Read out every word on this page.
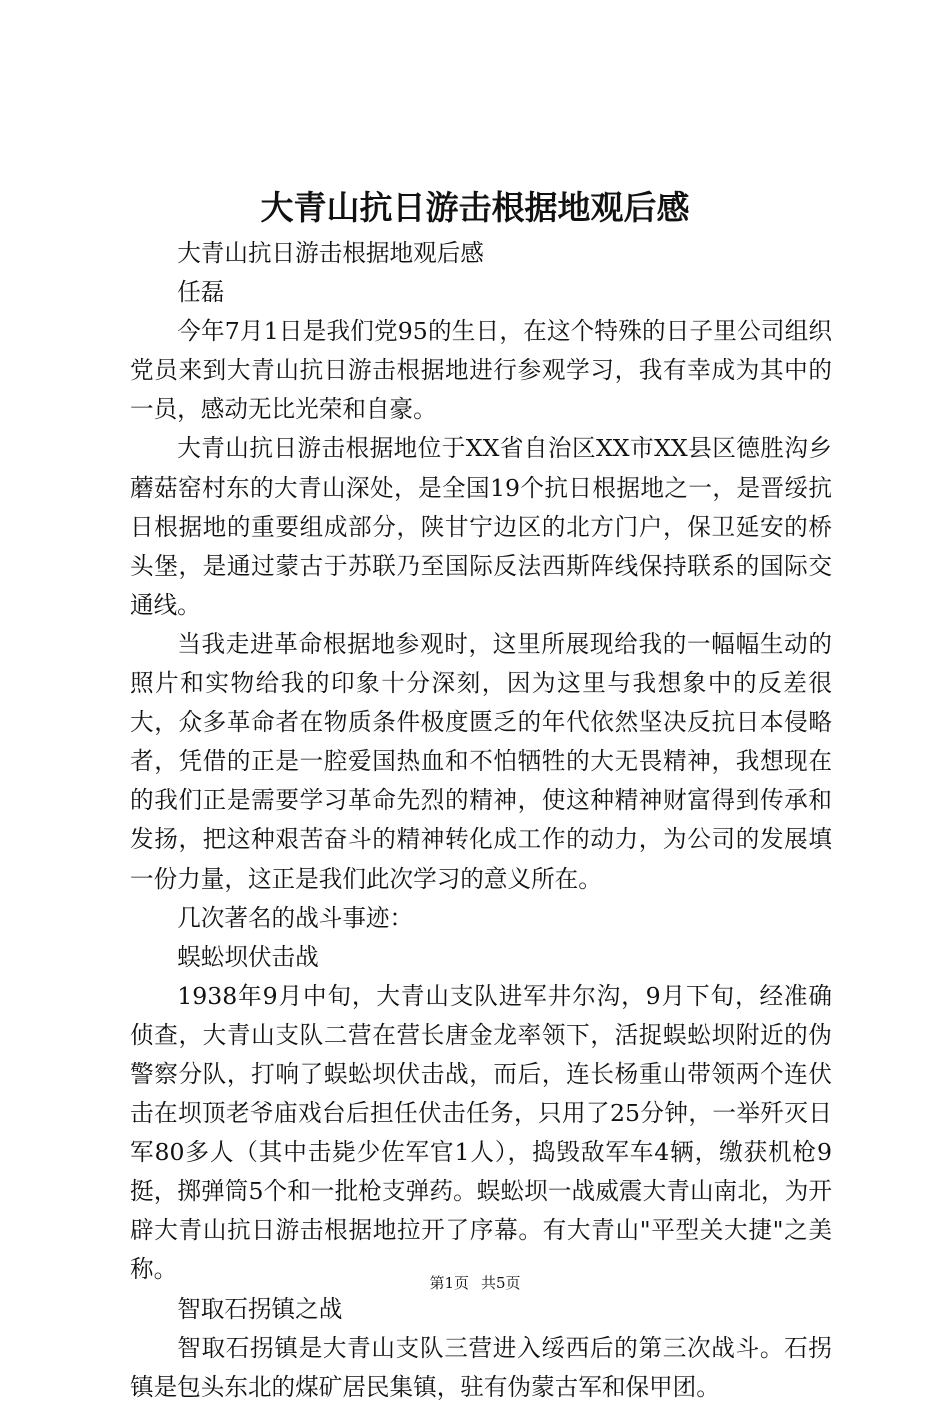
大青山抗日游击根据地观后感

大青山抗日游击根据地观后感

任磊

今年7月1日是我们党95的生日，在这个特殊的日子里公司组织党员来到大青山抗日游击根据地进行参观学习，我有幸成为其中的一员，感动无比光荣和自豪。

大青山抗日游击根据地位于XX省自治区XX市XX县区德胜沟乡蘑菇窑村东的大青山深处，是全国19个抗日根据地之一，是晋绥抗日根据地的重要组成部分，陕甘宁边区的北方门户，保卫延安的桥头堡，是通过蒙古于苏联乃至国际反法西斯阵线保持联系的国际交通线。

当我走进革命根据地参观时，这里所展现给我的一幅幅生动的照片和实物给我的印象十分深刻，因为这里与我想象中的反差很大，众多革命者在物质条件极度匮乏的年代依然坚决反抗日本侵略者，凭借的正是一腔爱国热血和不怕牺牲的大无畏精神，我想现在的我们正是需要学习革命先烈的精神，使这种精神财富得到传承和发扬，把这种艰苦奋斗的精神转化成工作的动力，为公司的发展填一份力量，这正是我们此次学习的意义所在。

几次著名的战斗事迹：

蜈蚣坝伏击战

1938年9月中旬，大青山支队进军井尔沟，9月下旬，经准确侦查，大青山支队二营在营长唐金龙率领下，活捉蜈蚣坝附近的伪警察分队，打响了蜈蚣坝伏击战，而后，连长杨重山带领两个连伏击在坝顶老爷庙戏台后担任伏击任务，只用了25分钟，一举歼灭日军80多人（其中击毙少佐军官1人），捣毁敌军车4辆，缴获机枪9挺，掷弹筒5个和一批枪支弹药。蜈蚣坝一战威震大青山南北，为开辟大青山抗日游击根据地拉开了序幕。有大青山"平型关大捷"之美称。

智取石拐镇之战

智取石拐镇是大青山支队三营进入绥西后的第三次战斗。石拐镇是包头东北的煤矿居民集镇，驻有伪蒙古军和保甲团。

第1页 共5页
